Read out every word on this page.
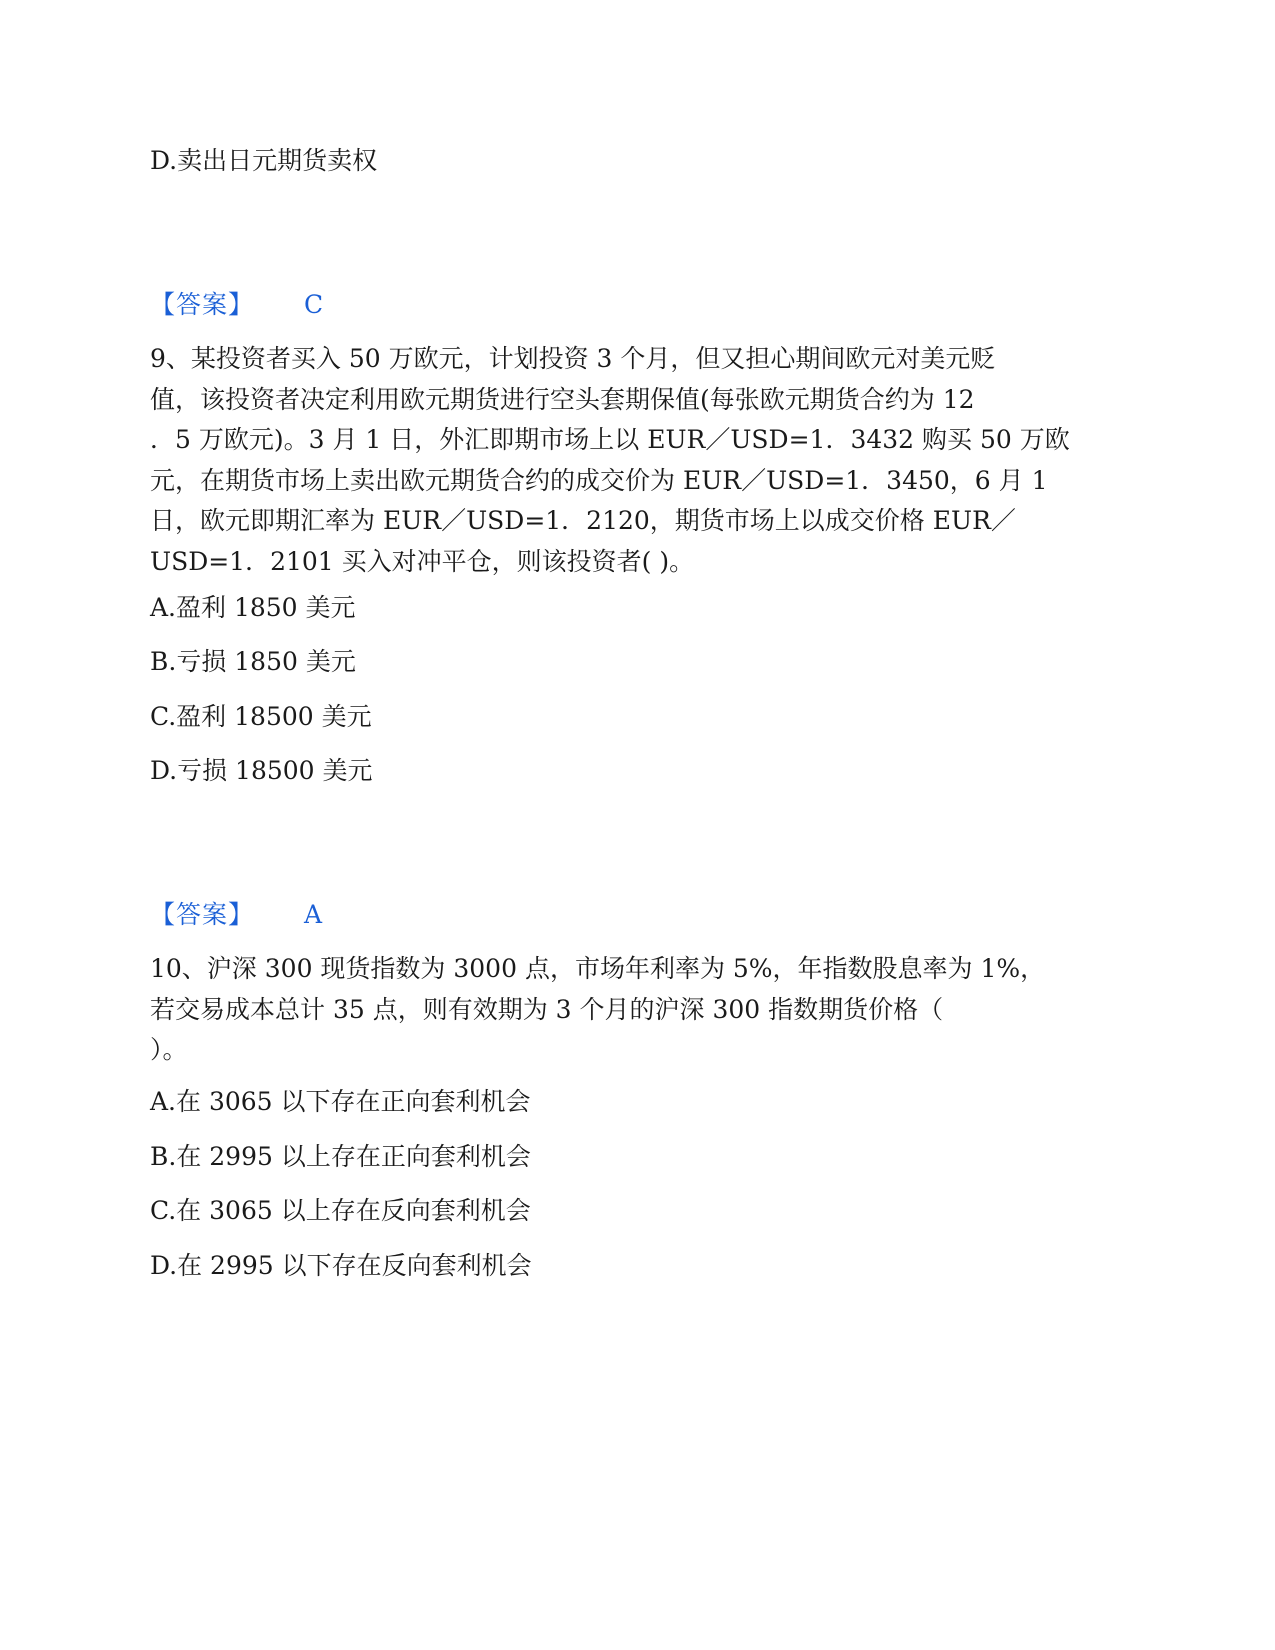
D.卖出日元期货卖权
【答案】 C
9、某投资者买入 50 万欧元，计划投资 3 个月，但又担心期间欧元对美元贬
值，该投资者决定利用欧元期货进行空头套期保值(每张欧元期货合约为 12
．5 万欧元)。3 月 1 日，外汇即期市场上以 EUR／USD=1．3432 购买 50 万欧
元，在期货市场上卖出欧元期货合约的成交价为 EUR／USD=1．3450，6 月 1
日，欧元即期汇率为 EUR／USD=1．2120，期货市场上以成交价格 EUR／
USD=1．2101 买入对冲平仓，则该投资者( )。
A.盈利 1850 美元
B.亏损 1850 美元
C.盈利 18500 美元
D.亏损 18500 美元
【答案】 A
10、沪深 300 现货指数为 3000 点，市场年利率为 5%，年指数股息率为 1%，
若交易成本总计 35 点，则有效期为 3 个月的沪深 300 指数期货价格（
）。
A.在 3065 以下存在正向套利机会
B.在 2995 以上存在正向套利机会
C.在 3065 以上存在反向套利机会
D.在 2995 以下存在反向套利机会
